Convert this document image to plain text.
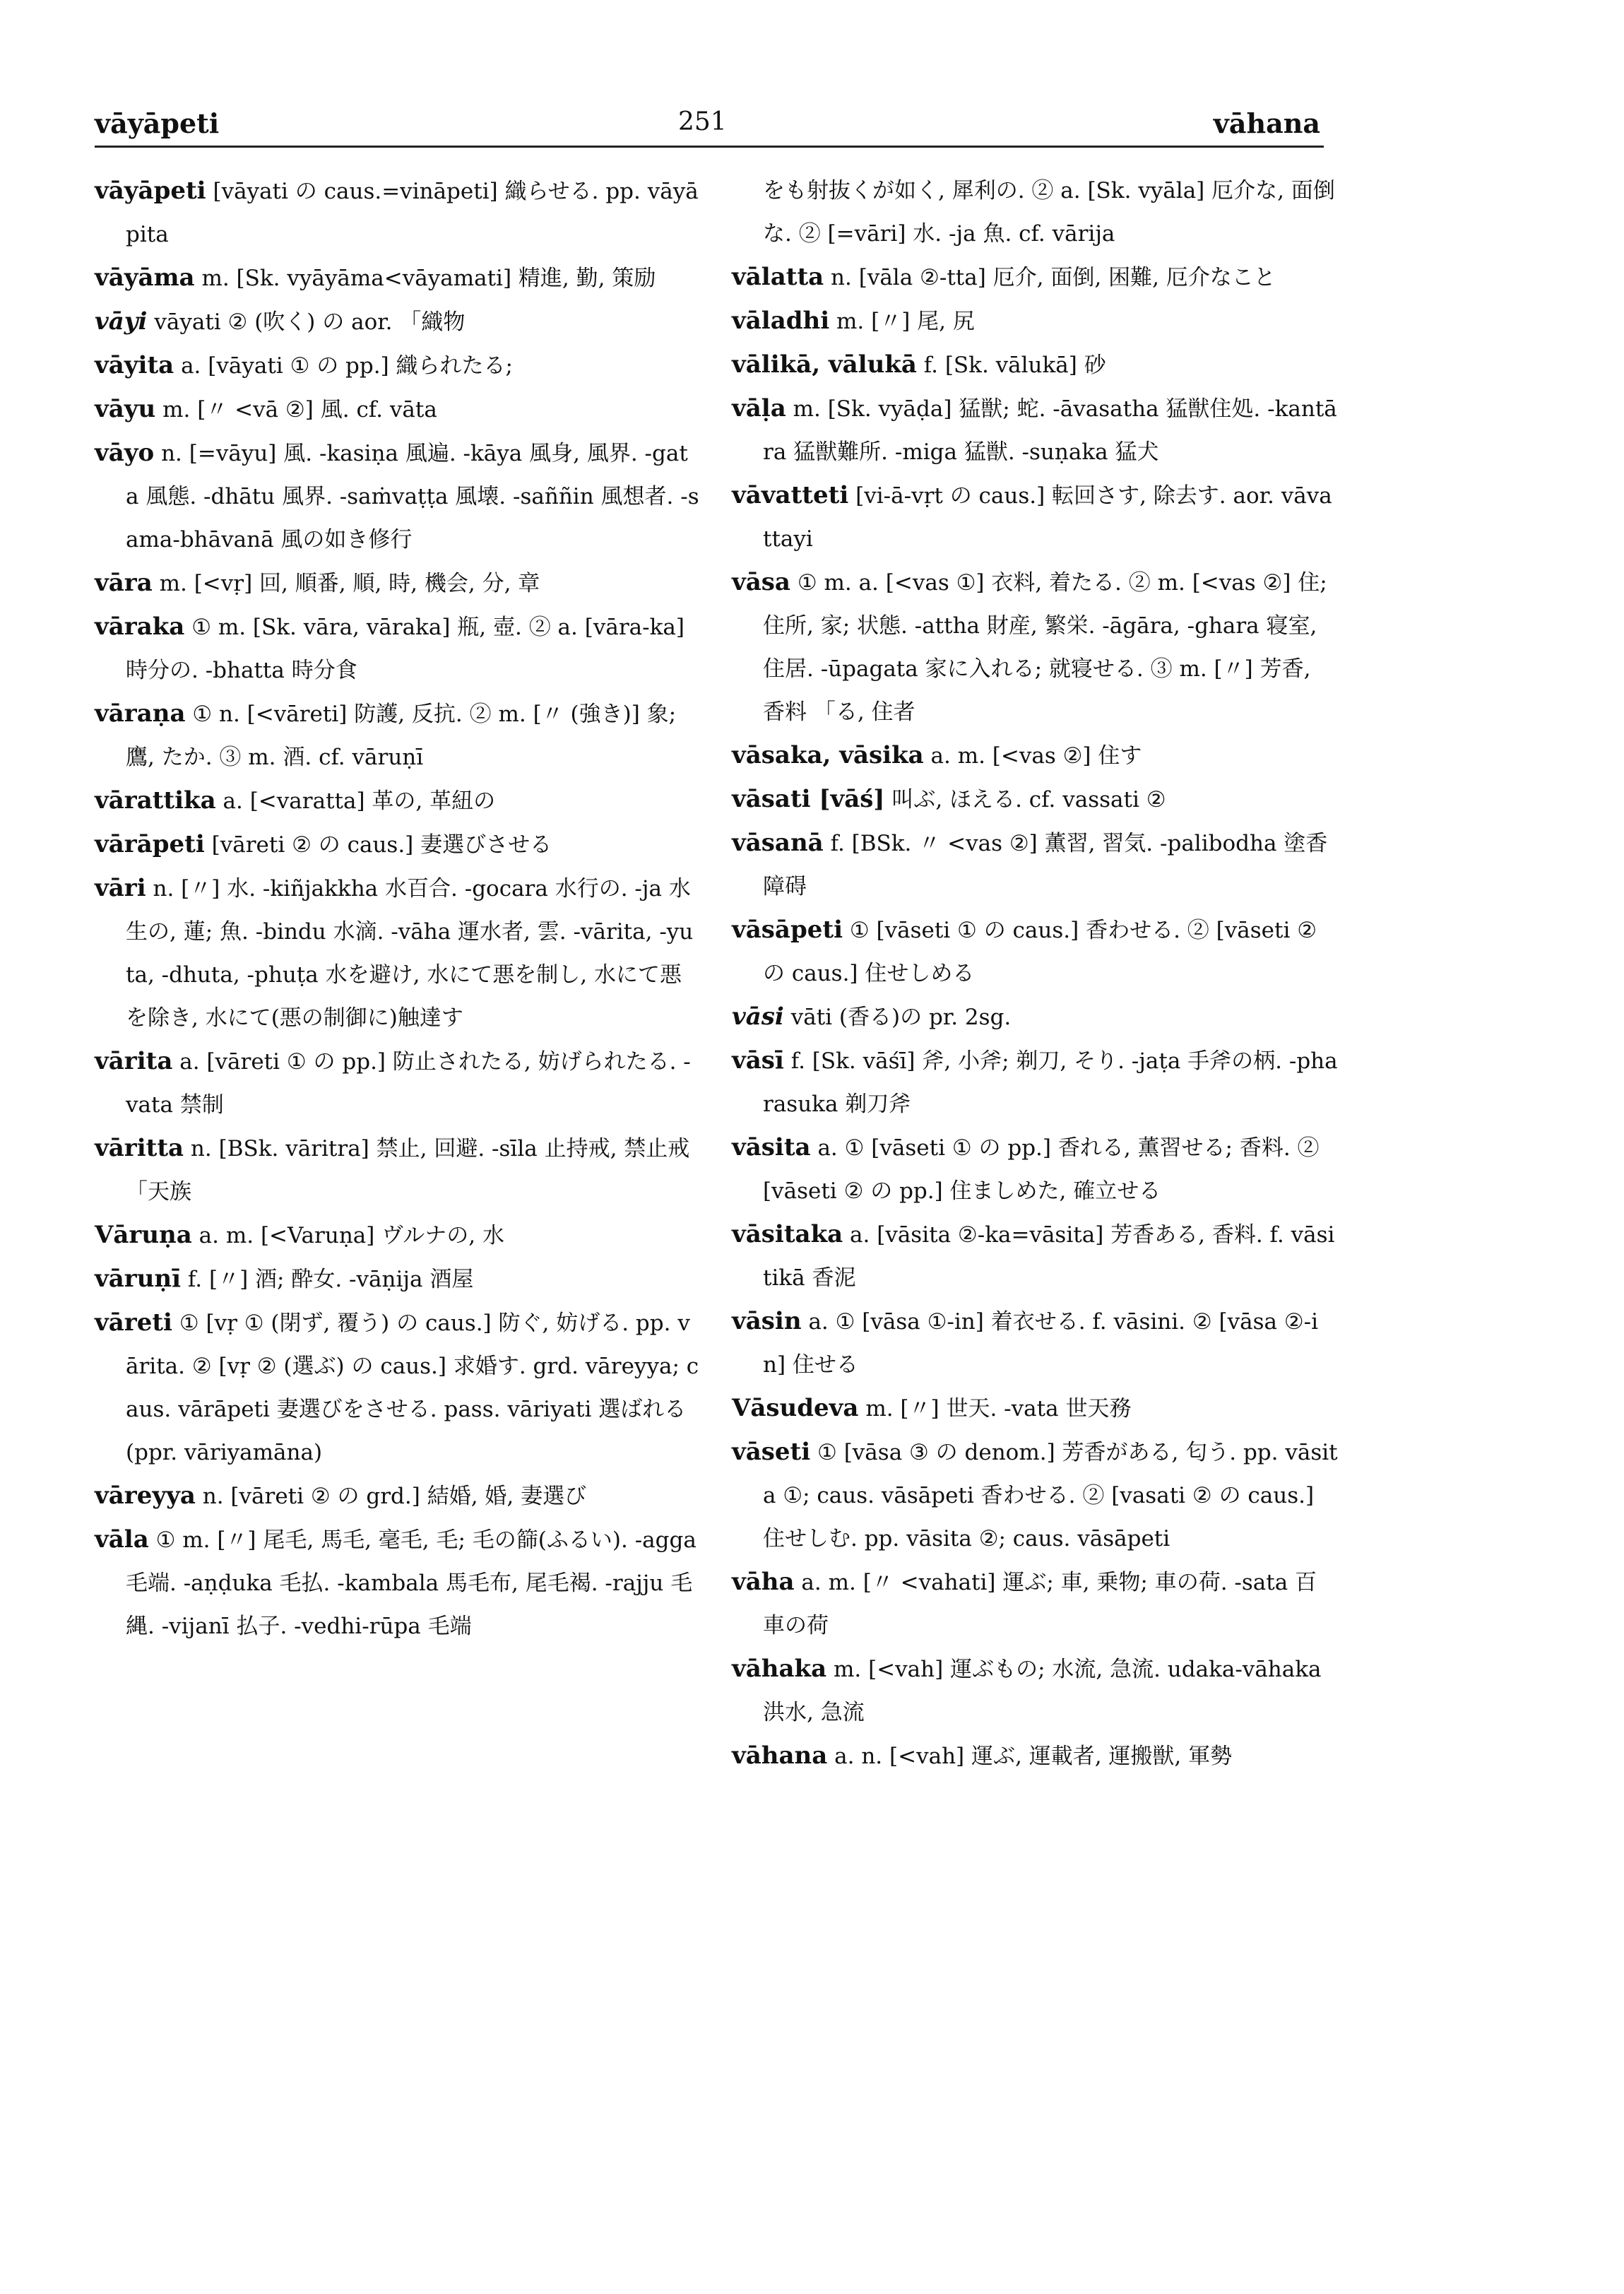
vāyāpeti	251	vāhana
vāyāpeti [vāyati の caus.=vināpeti] 織らせる. pp. vāyāpita
vāyāma m. [Sk. vyāyāma<vāyamati] 精進, 勤, 策励
vāyi vāyati ② (吹く) の aor. 「織物
vāyita a. [vāyati ① の pp.] 織られたる;
vāyu m. [〃 <vā ②] 風. cf. vāta
vāyo n. [=vāyu] 風. -kasiṇa 風遍. -kāya 風身, 風界. -gata 風態. -dhātu 風界. -saṁvaṭṭa 風壊. -saññin 風想者. -sama-bhāvanā 風の如き修行
vāra m. [<vṛ] 回, 順番, 順, 時, 機会, 分, 章
vāraka ① m. [Sk. vāra, vāraka] 瓶, 壺. ② a. [vāra-ka] 時分の. -bhatta 時分食
vāraṇa ① n. [<vāreti] 防護, 反抗. ② m. [〃 (強き)] 象; 鷹, たか. ③ m. 酒. cf. vāruṇī
vārattika a. [<varatta] 革の, 革紐の
vārāpeti [vāreti ② の caus.] 妻選びさせる
vāri n. [〃] 水. -kiñjakkha 水百合. -gocara 水行の. -ja 水生の, 蓮; 魚. -bindu 水滴. -vāha 運水者, 雲. -vārita, -yuta, -dhuta, -phuṭa 水を避け, 水にて悪を制し, 水にて悪を除き, 水にて(悪の制御に)触達す
vārita a. [vāreti ① の pp.] 防止されたる, 妨げられたる. -vata 禁制
vāritta n. [BSk. vāritra] 禁止, 回避. -sīla 止持戒, 禁止戒 「天族
Vāruṇa a. m. [<Varuṇa] ヴルナの, 水
vāruṇī f. [〃] 酒; 酔女. -vāṇija 酒屋
vāreti ① [vṛ ① (閉ず, 覆う) の caus.] 防ぐ, 妨げる. pp. vārita. ② [vṛ ② (選ぶ) の caus.] 求婚す. grd. vāreyya; caus. vārāpeti 妻選びをさせる. pass. vāriyati 選ばれる (ppr. vāriyamāna)
vāreyya n. [vāreti ② の grd.] 結婚, 婚, 妻選び
vāla ① m. [〃] 尾毛, 馬毛, 毫毛, 毛; 毛の篩(ふるい). -agga 毛端. -aṇḍuka 毛払. -kambala 馬毛布, 尾毛褐. -rajju 毛縄. -vijanī 払子. -vedhi-rūpa 毛端
をも射抜くが如く, 犀利の. ② a. [Sk. vyāla] 厄介な, 面倒な. ② [=vāri] 水. -ja 魚. cf. vārija
vālatta n. [vāla ②-tta] 厄介, 面倒, 困難, 厄介なこと
vāladhi m. [〃] 尾, 尻
vālikā, vālukā f. [Sk. vālukā] 砂
vāḷa m. [Sk. vyāḍa] 猛獣; 蛇. -āvasatha 猛獣住処. -kantāra 猛獣難所. -miga 猛獣. -suṇaka 猛犬
vāvatteti [vi-ā-vṛt の caus.] 転回さす, 除去す. aor. vāvattayi
vāsa ① m. a. [<vas ①] 衣料, 着たる. ② m. [<vas ②] 住; 住所, 家; 状態. -attha 財産, 繁栄. -āgāra, -ghara 寝室, 住居. -ūpagata 家に入れる; 就寝せる. ③ m. [〃] 芳香, 香料 「る, 住者
vāsaka, vāsika a. m. [<vas ②] 住す
vāsati [vāś] 叫ぶ, ほえる. cf. vassati ②
vāsanā f. [BSk. 〃 <vas ②] 薫習, 習気. -palibodha 塗香障碍
vāsāpeti ① [vāseti ① の caus.] 香わせる. ② [vāseti ② の caus.] 住せしめる
vāsi vāti (香る)の pr. 2sg.
vāsī f. [Sk. vāśī] 斧, 小斧; 剃刀, そり. -jaṭa 手斧の柄. -pharasuka 剃刀斧
vāsita a. ① [vāseti ① の pp.] 香れる, 薫習せる; 香料. ② [vāseti ② の pp.] 住ましめた, 確立せる
vāsitaka a. [vāsita ②-ka=vāsita] 芳香ある, 香料. f. vāsitikā 香泥
vāsin a. ① [vāsa ①-in] 着衣せる. f. vāsini. ② [vāsa ②-in] 住せる
Vāsudeva m. [〃] 世天. -vata 世天務
vāseti ① [vāsa ③ の denom.] 芳香がある, 匂う. pp. vāsita ①; caus. vāsāpeti 香わせる. ② [vasati ② の caus.] 住せしむ. pp. vāsita ②; caus. vāsāpeti
vāha a. m. [〃 <vahati] 運ぶ; 車, 乗物; 車の荷. -sata 百車の荷
vāhaka m. [<vah] 運ぶもの; 水流, 急流. udaka-vāhaka 洪水, 急流
vāhana a. n. [<vah] 運ぶ, 運載者, 運搬獣, 軍勢
